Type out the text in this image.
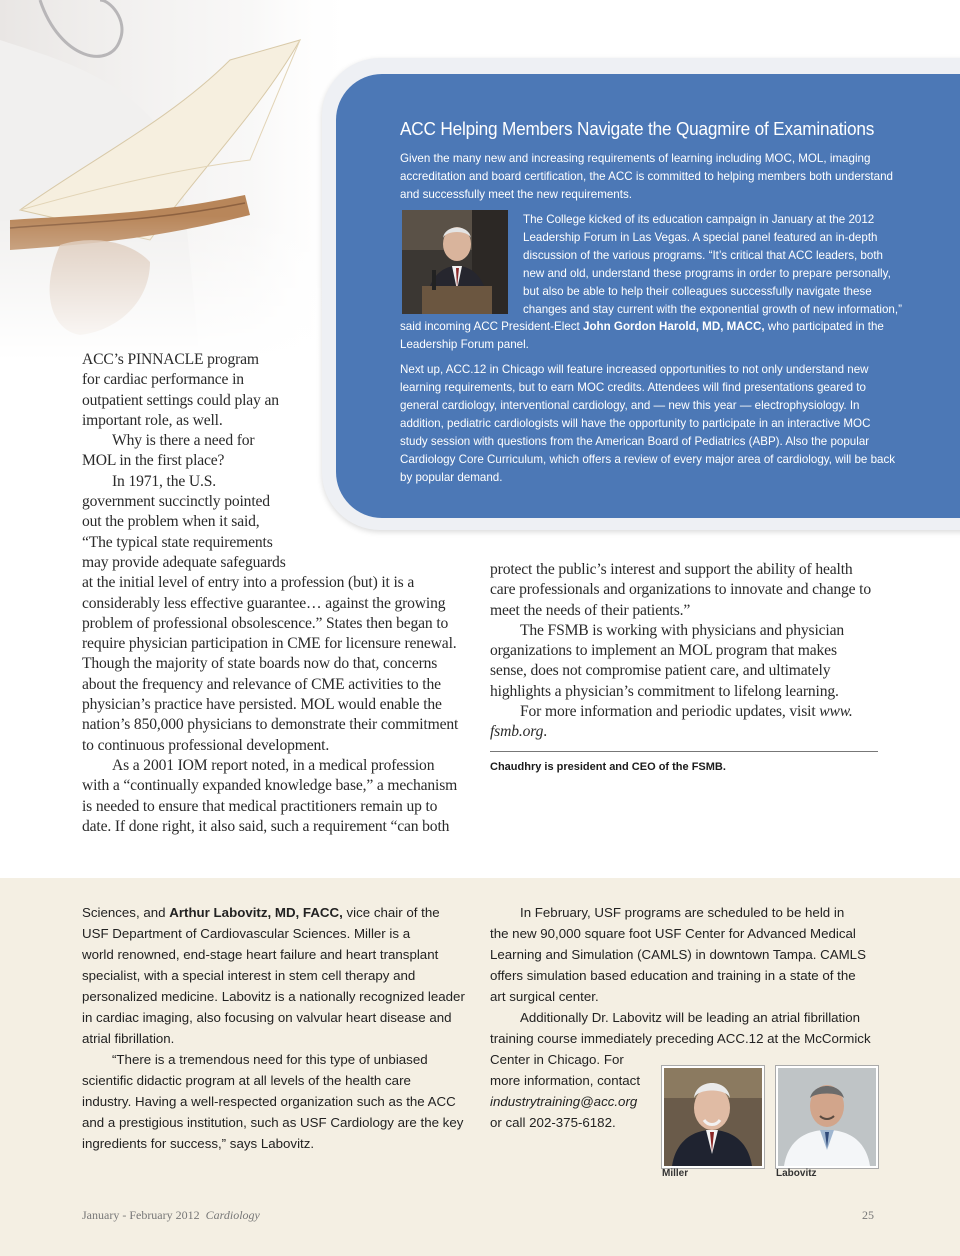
ACC Helping Members Navigate the Quagmire of Examinations
Given the many new and increasing requirements of learning including MOC, MOL, imaging
accreditation and board certification, the ACC is committed to helping members both understand
and successfully meet the new requirements.
The College kicked of its education campaign in January at the 2012
Leadership Forum in Las Vegas. A special panel featured an in-depth
discussion of the various programs. “It’s critical that ACC leaders, both
new and old, understand these programs in order to prepare personally,
but also be able to help their colleagues successfully navigate these
changes and stay current with the exponential growth of new information,”
said incoming ACC President-Elect John Gordon Harold, MD, MACC, who participated in the
Leadership Forum panel.
Next up, ACC.12 in Chicago will feature increased opportunities to not only understand new
learning requirements, but to earn MOC credits. Attendees will find presentations geared to
general cardiology, interventional cardiology, and — new this year — electrophysiology. In
addition, pediatric cardiologists will have the opportunity to participate in an interactive MOC
study session with questions from the American Board of Pediatrics (ABP). Also the popular
Cardiology Core Curriculum, which offers a review of every major area of cardiology, will be back
by popular demand.
ACC’s PINNACLE program
for cardiac performance in
outpatient settings could play an
important role, as well.
Why is there a need for
MOL in the first place?
In 1971, the U.S.
government succinctly pointed
out the problem when it said,
“The typical state requirements
may provide adequate safeguards
at the initial level of entry into a profession (but) it is a
considerably less effective guarantee… against the growing
problem of professional obsolescence.” States then began to
require physician participation in CME for licensure renewal.
Though the majority of state boards now do that, concerns
about the frequency and relevance of CME activities to the
physician’s practice have persisted. MOL would enable the
nation’s 850,000 physicians to demonstrate their commitment
to continuous professional development.
As a 2001 IOM report noted, in a medical profession
with a “continually expanded knowledge base,” a mechanism
is needed to ensure that medical practitioners remain up to
date. If done right, it also said, such a requirement “can both
protect the public’s interest and support the ability of health
care professionals and organizations to innovate and change to
meet the needs of their patients.”
The FSMB is working with physicians and physician
organizations to implement an MOL program that makes
sense, does not compromise patient care, and ultimately
highlights a physician’s commitment to lifelong learning.
For more information and periodic updates, visit www.
fsmb.org.
Chaudhry is president and CEO of the FSMB.
Sciences, and Arthur Labovitz, MD, FACC, vice chair of the
USF Department of Cardiovascular Sciences. Miller is a
world renowned, end-stage heart failure and heart transplant
specialist, with a special interest in stem cell therapy and
personalized medicine. Labovitz is a nationally recognized leader
in cardiac imaging, also focusing on valvular heart disease and
atrial fibrillation.
“There is a tremendous need for this type of unbiased
scientific didactic program at all levels of the health care
industry. Having a well-respected organization such as the ACC
and a prestigious institution, such as USF Cardiology are the key
ingredients for success,” says Labovitz.
In February, USF programs are scheduled to be held in
the new 90,000 square foot USF Center for Advanced Medical
Learning and Simulation (CAMLS) in downtown Tampa. CAMLS
offers simulation based education and training in a state of the
art surgical center.
Additionally Dr. Labovitz will be leading an atrial fibrillation
training course immediately preceding ACC.12 at the McCormick
Center in Chicago. For
more information, contact
industrytraining@acc.org
or call 202-375-6182.
Miller	Labovitz
January - February 2012 Cardiology	25
